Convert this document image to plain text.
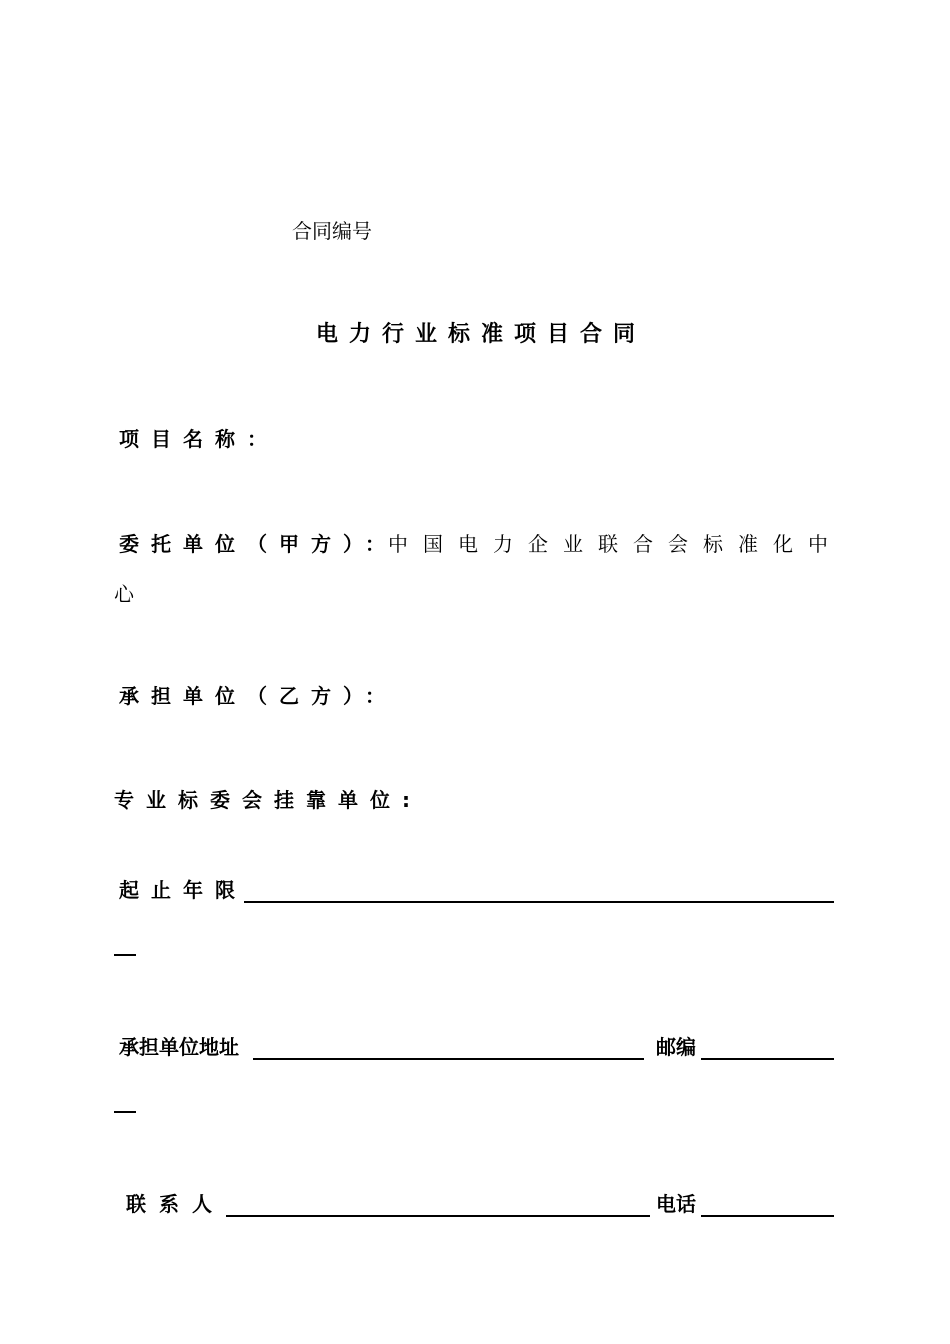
合同编号
电力行业标准项目合同
项目名称：
委托单位（甲方）：
中国电力企业联合会标准化中
心
承担单位（乙方）：
专业标委会挂靠单位:
起止年限
承担单位地址	邮编
联系人	电话
